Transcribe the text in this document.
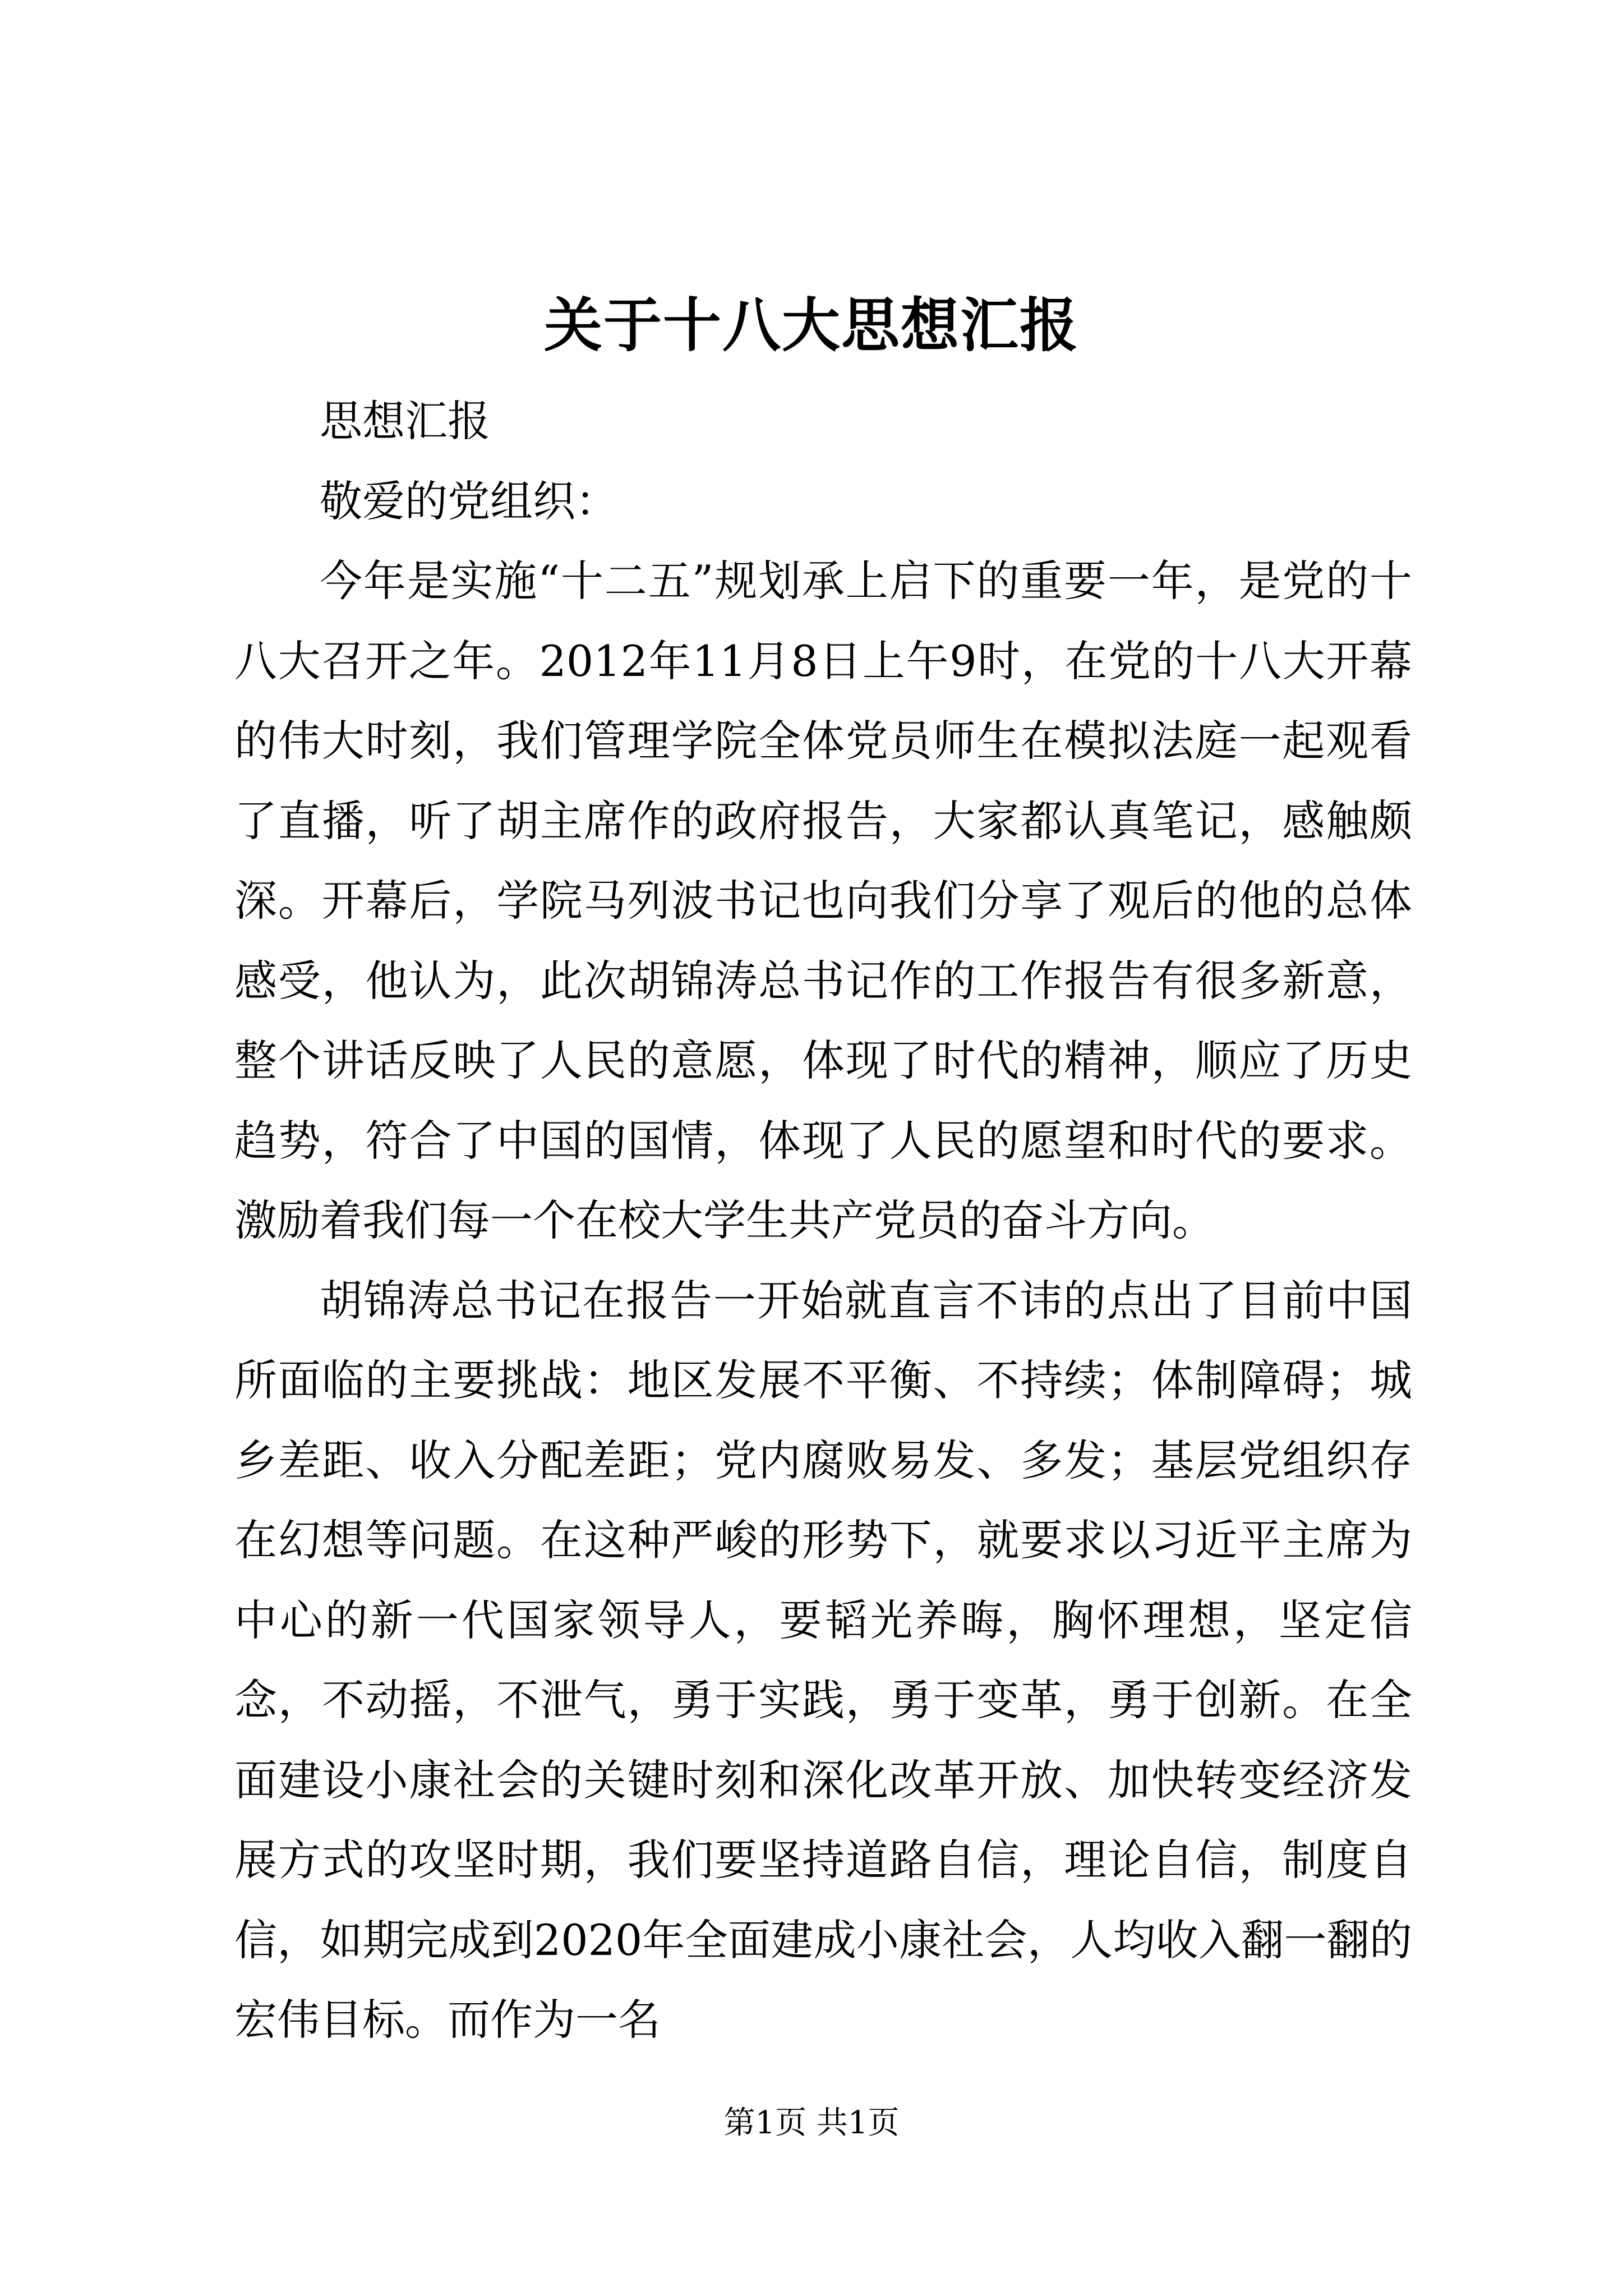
关于十八大思想汇报

思想汇报

敬爱的党组织：

今年是实施“十二五”规划承上启下的重要一年，是党的十八大召开之年。2012年11月8日上午9时，在党的十八大开幕的伟大时刻，我们管理学院全体党员师生在模拟法庭一起观看了直播，听了胡主席作的政府报告，大家都认真笔记，感触颇深。开幕后，学院马列波书记也向我们分享了观后的他的总体感受，他认为，此次胡锦涛总书记作的工作报告有很多新意，整个讲话反映了人民的意愿，体现了时代的精神，顺应了历史趋势，符合了中国的国情，体现了人民的愿望和时代的要求。激励着我们每一个在校大学生共产党员的奋斗方向。

胡锦涛总书记在报告一开始就直言不讳的点出了目前中国所面临的主要挑战：地区发展不平衡、不持续；体制障碍；城乡差距、收入分配差距；党内腐败易发、多发；基层党组织存在幻想等问题。在这种严峻的形势下，就要求以习近平主席为中心的新一代国家领导人，要韬光养晦，胸怀理想，坚定信念，不动摇，不泄气，勇于实践，勇于变革，勇于创新。在全面建设小康社会的关键时刻和深化改革开放、加快转变经济发展方式的攻坚时期，我们要坚持道路自信，理论自信，制度自信，如期完成到2020年全面建成小康社会，人均收入翻一翻的宏伟目标。而作为一名

第1页 共1页
